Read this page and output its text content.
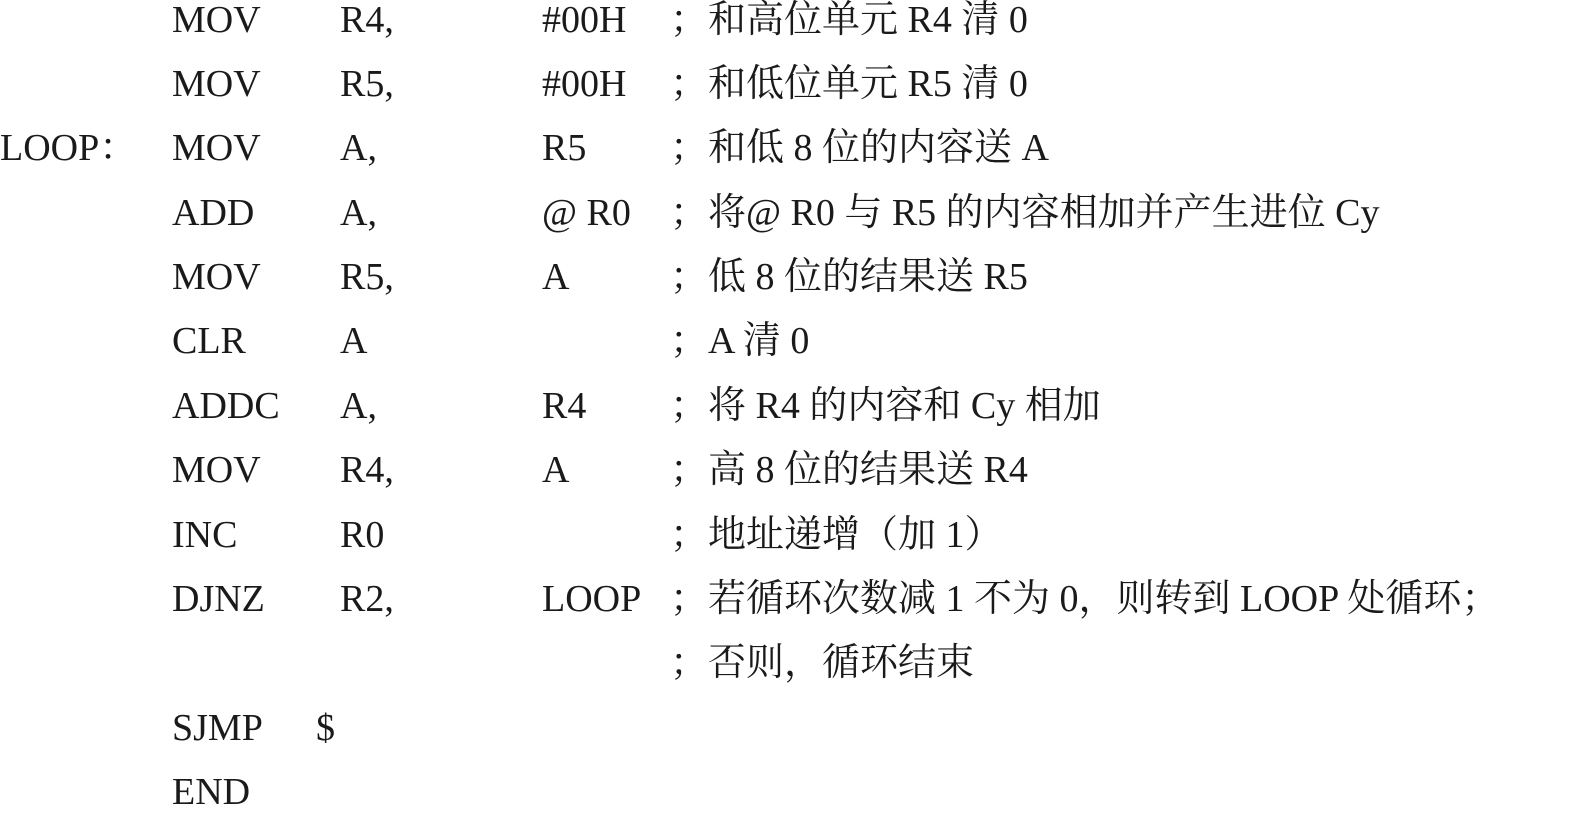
MOV R4,	#00H ；和高位单元 R4 清 0
MOV R5,	#00H ；和低位单元 R5 清 0
LOOP： MOV A,	R5 ；和低 8 位的内容送 A
ADD A,	@ R0 ；将@ R0 与 R5 的内容相加并产生进位 Cy
MOV R5,	A	；低 8 位的结果送 R5
CLR A	；A 清 0
ADDC A,	R4 ；将 R4 的内容和 Cy 相加
MOV R4,	A	；高 8 位的结果送 R4
INC	R0	；地址递增（加 1）
DJNZ R2,	LOOP ；若循环次数减 1 不为 0，则转到 LOOP 处循环；
；否则，循环结束
SJMP $
END
